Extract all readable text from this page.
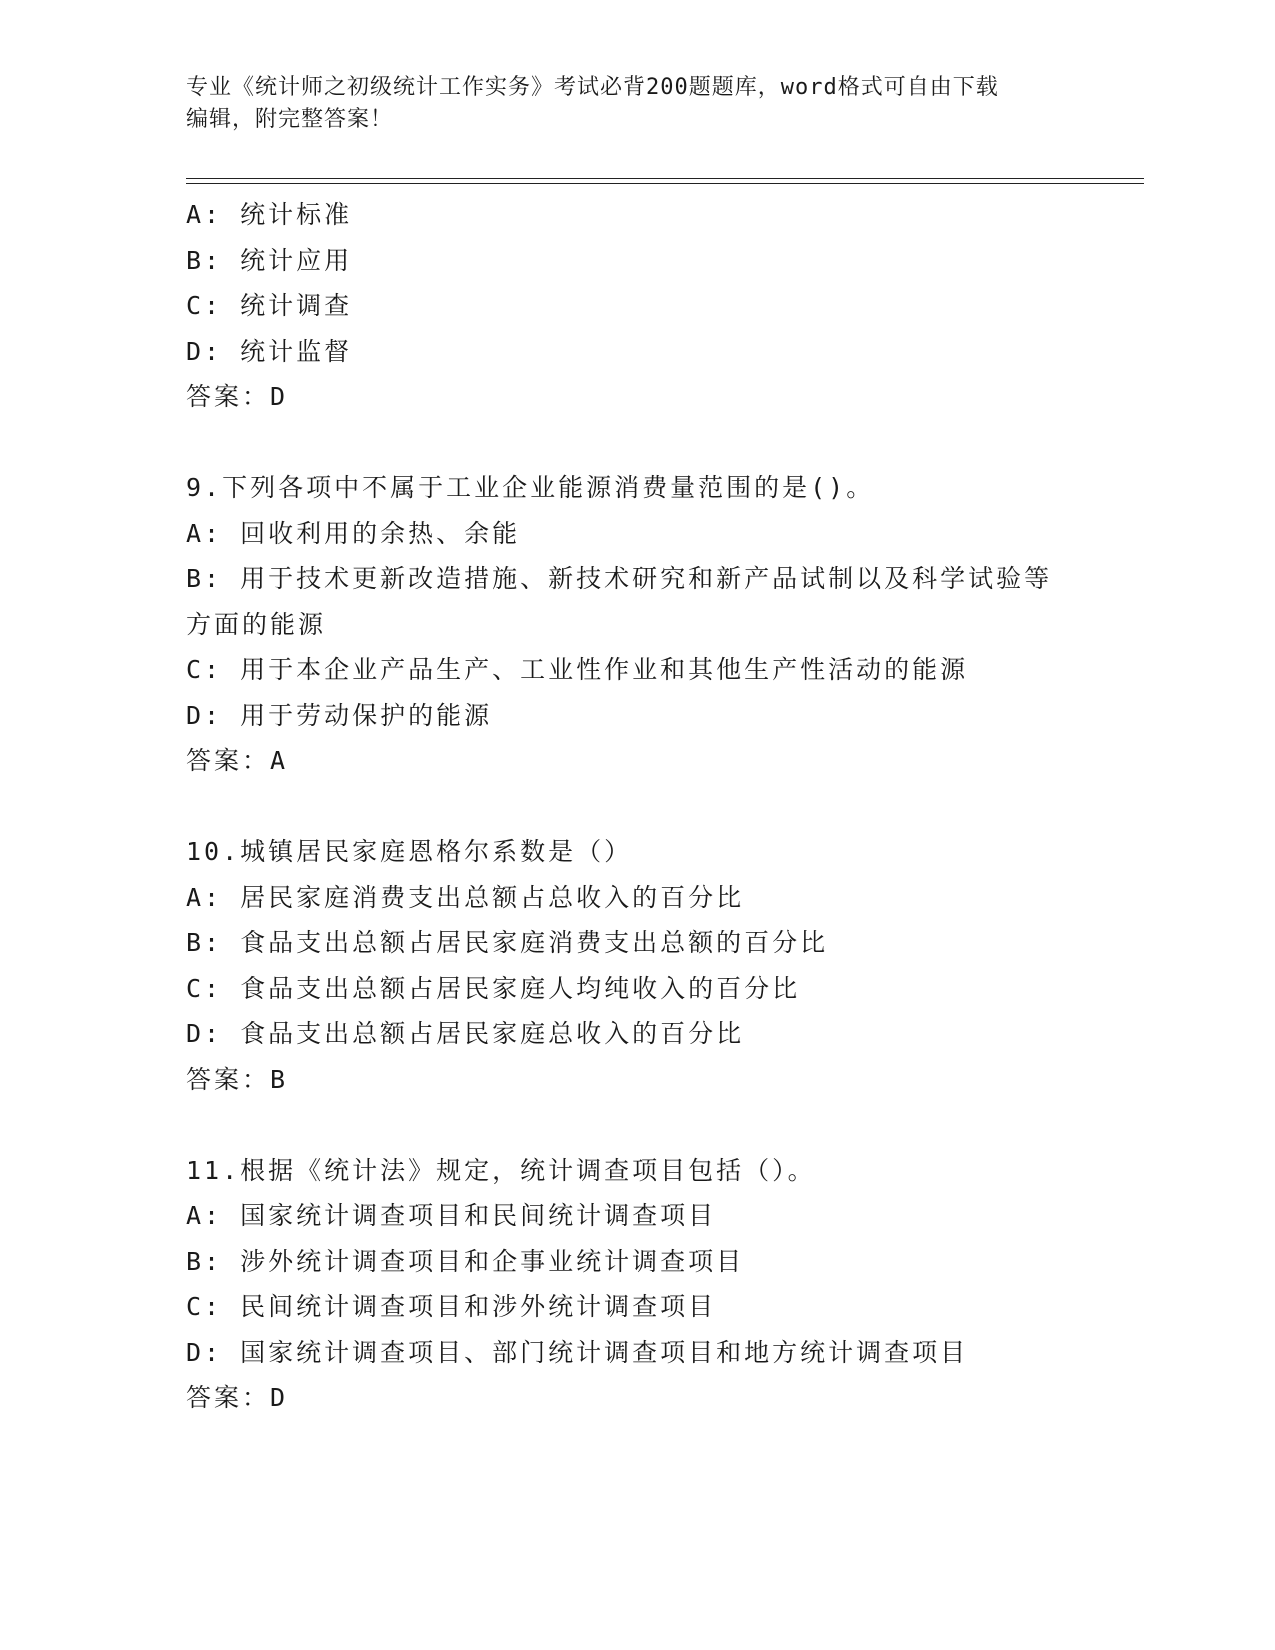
专业《统计师之初级统计工作实务》考试必背200题题库，word格式可自由下载
编辑，附完整答案！
A: 统计标准
B: 统计应用
C: 统计调查
D: 统计监督
答案：D
9.下列各项中不属于工业企业能源消费量范围的是()。
A: 回收利用的余热、余能
B: 用于技术更新改造措施、新技术研究和新产品试制以及科学试验等
方面的能源
C: 用于本企业产品生产、工业性作业和其他生产性活动的能源
D: 用于劳动保护的能源
答案：A
10.城镇居民家庭恩格尔系数是（）
A: 居民家庭消费支出总额占总收入的百分比
B: 食品支出总额占居民家庭消费支出总额的百分比
C: 食品支出总额占居民家庭人均纯收入的百分比
D: 食品支出总额占居民家庭总收入的百分比
答案：B
11.根据《统计法》规定，统计调查项目包括（）。
A: 国家统计调查项目和民间统计调查项目
B: 涉外统计调查项目和企事业统计调查项目
C: 民间统计调查项目和涉外统计调查项目
D: 国家统计调查项目、部门统计调查项目和地方统计调查项目
答案：D
